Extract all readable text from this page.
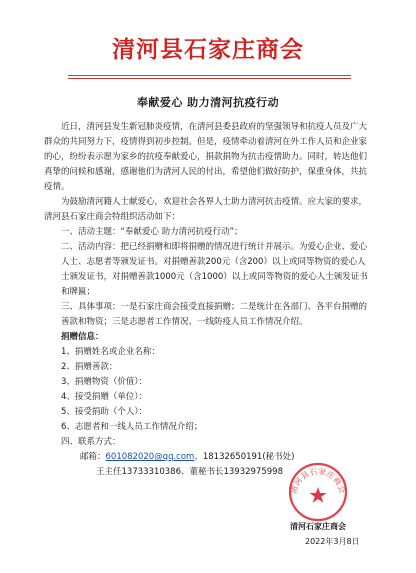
清河县石家庄商会
奉献爱心 助力清河抗疫行动

近日，清河县发生新冠肺炎疫情，在清河县委县政府的坚强领导和抗疫人员及广大群众的共同努力下，疫情得到初步控制。但是，疫情牵动着清河在外工作人员和企业家的心，纷纷表示愿为家乡的抗疫奉献爱心，捐款捐物为抗击疫情助力。同时，转达他们真挚的问候和感谢，感谢他们为清河人民的付出，希望他们做好防护，保重身体，共抗疫情。

为鼓励清河籍人士献爱心，欢迎社会各界人士助力清河抗击疫情。应大家的要求，清河县石家庄商会特组织活动如下：

一、活动主题：“奉献爱心 助力清河抗疫行动”；

二、活动内容：把已经捐赠和即将捐赠的情况进行统计并展示。为爱心企业、爱心人士、志愿者等颁发证书。对捐赠善款200元（含200）以上或同等物资的爱心人士颁发证书，对捐赠善款1000元（含1000）以上或同等物资的爱心人士颁发证书和牌匾；

三、具体事项：一是石家庄商会接受直接捐赠；二是统计在各部门、各平台捐赠的善款和物资；三是志愿者工作情况、一线防疫人员工作情况介绍。

捐赠信息：

1、捐赠姓名或企业名称：

2、捐赠善款：

3、捐赠物资（价值）：

4、接受捐赠（单位）：

5、接受捐助（个人）：

6、志愿者和一线人员工作情况介绍；

四、联系方式：

邮箱：601082020@qq.com、18132650191(秘书处)

王主任13733310386、董秘书长13932975998

清河县石家庄商会
清河石家庄商会
2022年3月8日
